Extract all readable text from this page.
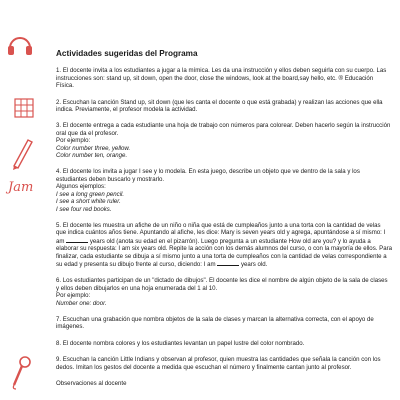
Jam
Actividades sugeridas del Programa

1. El docente invita a los estudiantes a jugar a la mímica. Les da una instrucción y ellos deben seguirla con su cuerpo. Las instrucciones son: stand up, sit down, open the door, close the windows, look at the board,say hello, etc. ® Educación Física.

2. Escuchan la canción Stand up, sit down (que les canta el docente o que está grabada) y realizan las acciones que ella indica. Previamente, el profesor modela la actividad.

3. El docente entrega a cada estudiante una hoja de trabajo con números para colorear. Deben hacerlo según la instrucción oral que da el profesor.

Por ejemplo:

Color number three, yellow.

Color number ten, orange.

4. El docente los invita a jugar I see y lo modela. En esta juego, describe un objeto que ve dentro de la sala y los estudiantes deben buscarlo y mostrarlo.

Algunos ejemplos:

I see a long green pencil.

I see a short white ruler.

I see four red books.

5. El docente les muestra un afiche de un niño o niña que está de cumpleaños junto a una torta con la cantidad de velas que indica cuántos años tiene. Apuntando al afiche, les dice: Mary is seven years old y agrega, apuntándose a sí mismo: I am	years old (anota su edad en el pizarrón). Luego pregunta a un estudiante How old are you? y lo ayuda a elaborar su respuesta: I am six years old. Repite la acción con los demás alumnos del curso, o con la mayoría de ellos. Para finalizar, cada estudiante se dibuja a sí mismo junto a una torta de cumpleaños con la cantidad de velas correspondiente a su edad y presenta su dibujo frente al curso, diciendo: I am	years old.

6. Los estudiantes participan de un "dictado de dibujos". El docente les dice el nombre de algún objeto de la sala de clases y ellos deben dibujarlos en una hoja enumerada del 1 al 10.

Por ejemplo:

Number one: door.

7. Escuchan una grabación que nombra objetos de la sala de clases y marcan la alternativa correcta, con el apoyo de imágenes.

8. El docente nombra colores y los estudiantes levantan un papel lustre del color nombrado.

9. Escuchan la canción Little Indians y observan al profesor, quien muestra las cantidades que señala la canción con los dedos. Imitan los gestos del docente a medida que escuchan el número y finalmente cantan junto al profesor.

Observaciones al docente
